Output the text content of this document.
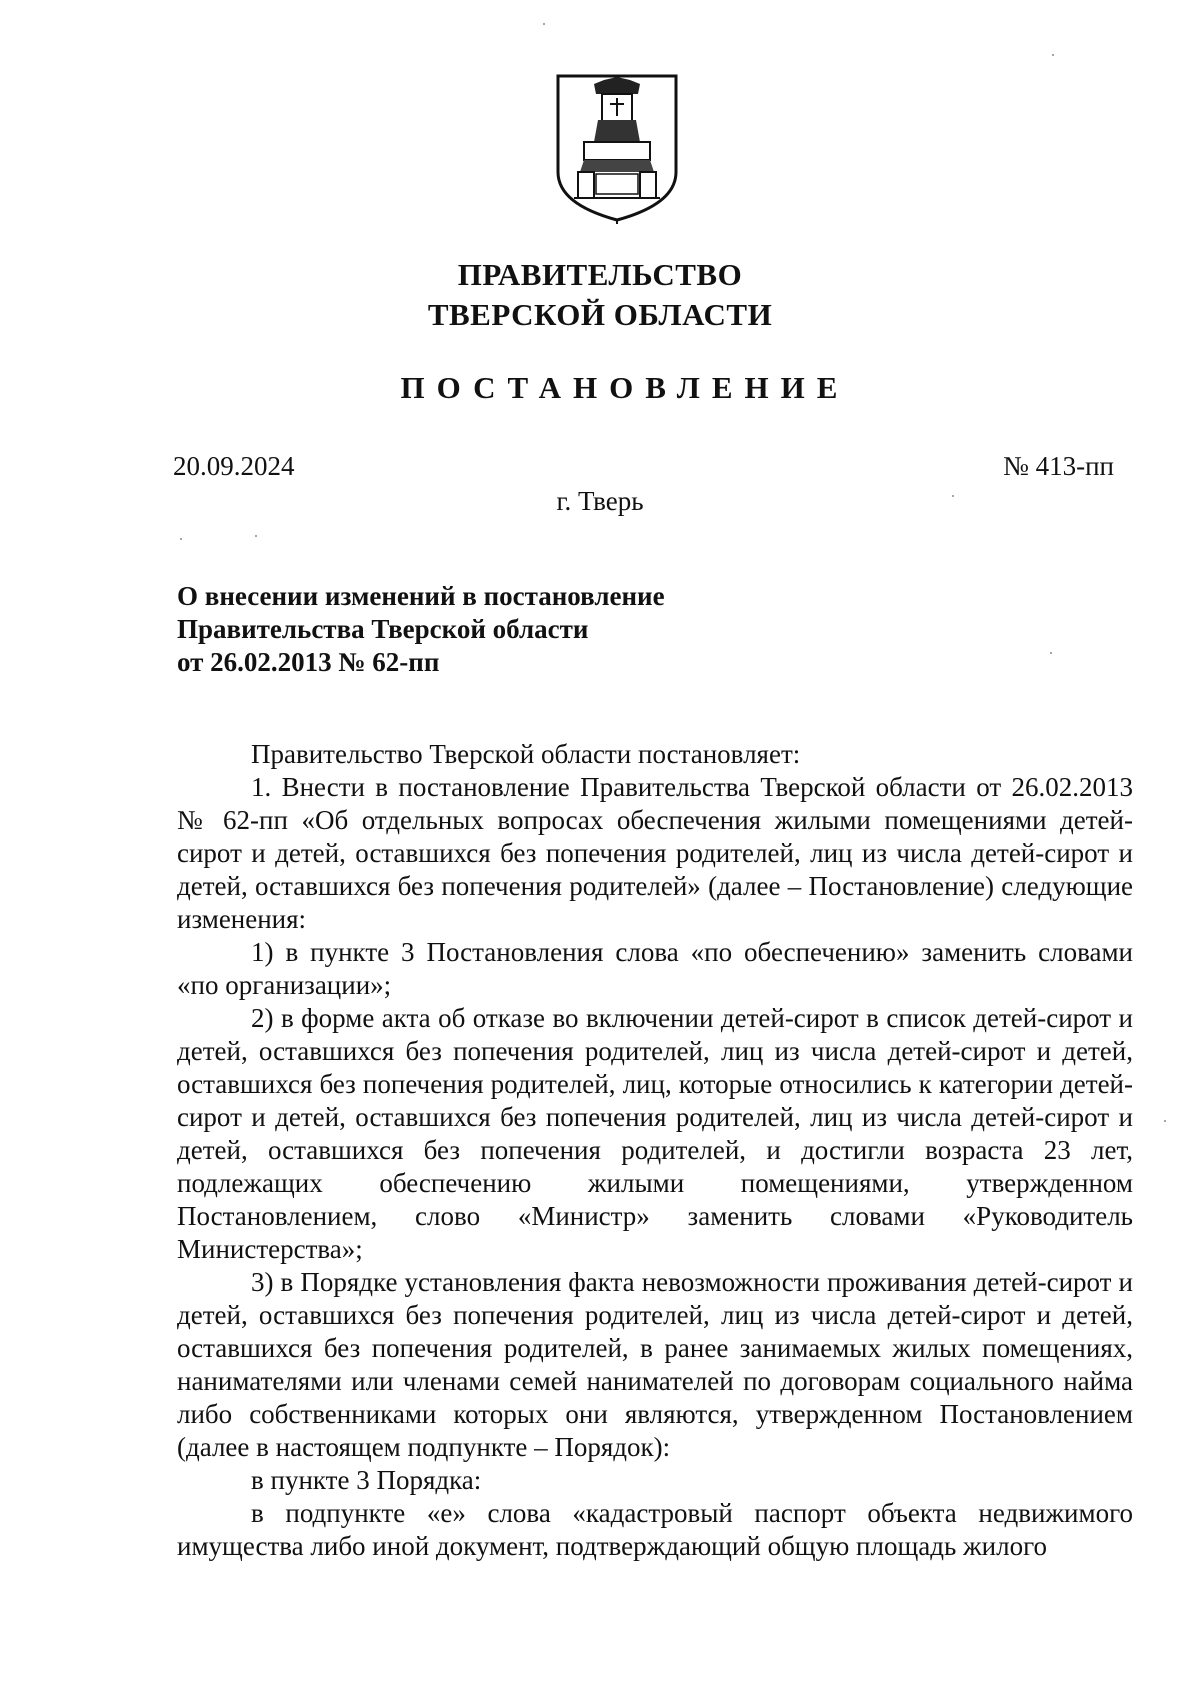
ПРАВИТЕЛЬСТВО
ТВЕРСКОЙ ОБЛАСТИ
ПОСТАНОВЛЕНИЕ
20.09.2024	№ 413-пп
г. Тверь
О внесении изменений в постановление
Правительства Тверской области
от 26.02.2013 № 62-пп

Правительство Тверской области постановляет:

1. Внести в постановление Правительства Тверской области от 26.02.2013 № 62-пп «Об отдельных вопросах обеспечения жилыми помещениями детей-сирот и детей, оставшихся без попечения родителей, лиц из числа детей-сирот и детей, оставшихся без попечения родителей» (далее – Постановление) следующие изменения:

1) в пункте 3 Постановления слова «по обеспечению» заменить словами «по организации»;

2) в форме акта об отказе во включении детей-сирот в список детей-сирот и детей, оставшихся без попечения родителей, лиц из числа детей-сирот и детей, оставшихся без попечения родителей, лиц, которые относились к категории детей-сирот и детей, оставшихся без попечения родителей, лиц из числа детей-сирот и детей, оставшихся без попечения родителей, и достигли возраста 23 лет, подлежащих обеспечению жилыми помещениями, утвержденном Постановлением, слово «Министр» заменить словами «Руководитель Министерства»;

3) в Порядке установления факта невозможности проживания детей-сирот и детей, оставшихся без попечения родителей, лиц из числа детей-сирот и детей, оставшихся без попечения родителей, в ранее занимаемых жилых помещениях, нанимателями или членами семей нанимателей по договорам социального найма либо собственниками которых они являются, утвержденном Постановлением (далее в настоящем подпункте – Порядок):

в пункте 3 Порядка:

в подпункте «е» слова «кадастровый паспорт объекта недвижимого имущества либо иной документ, подтверждающий общую площадь жилого
